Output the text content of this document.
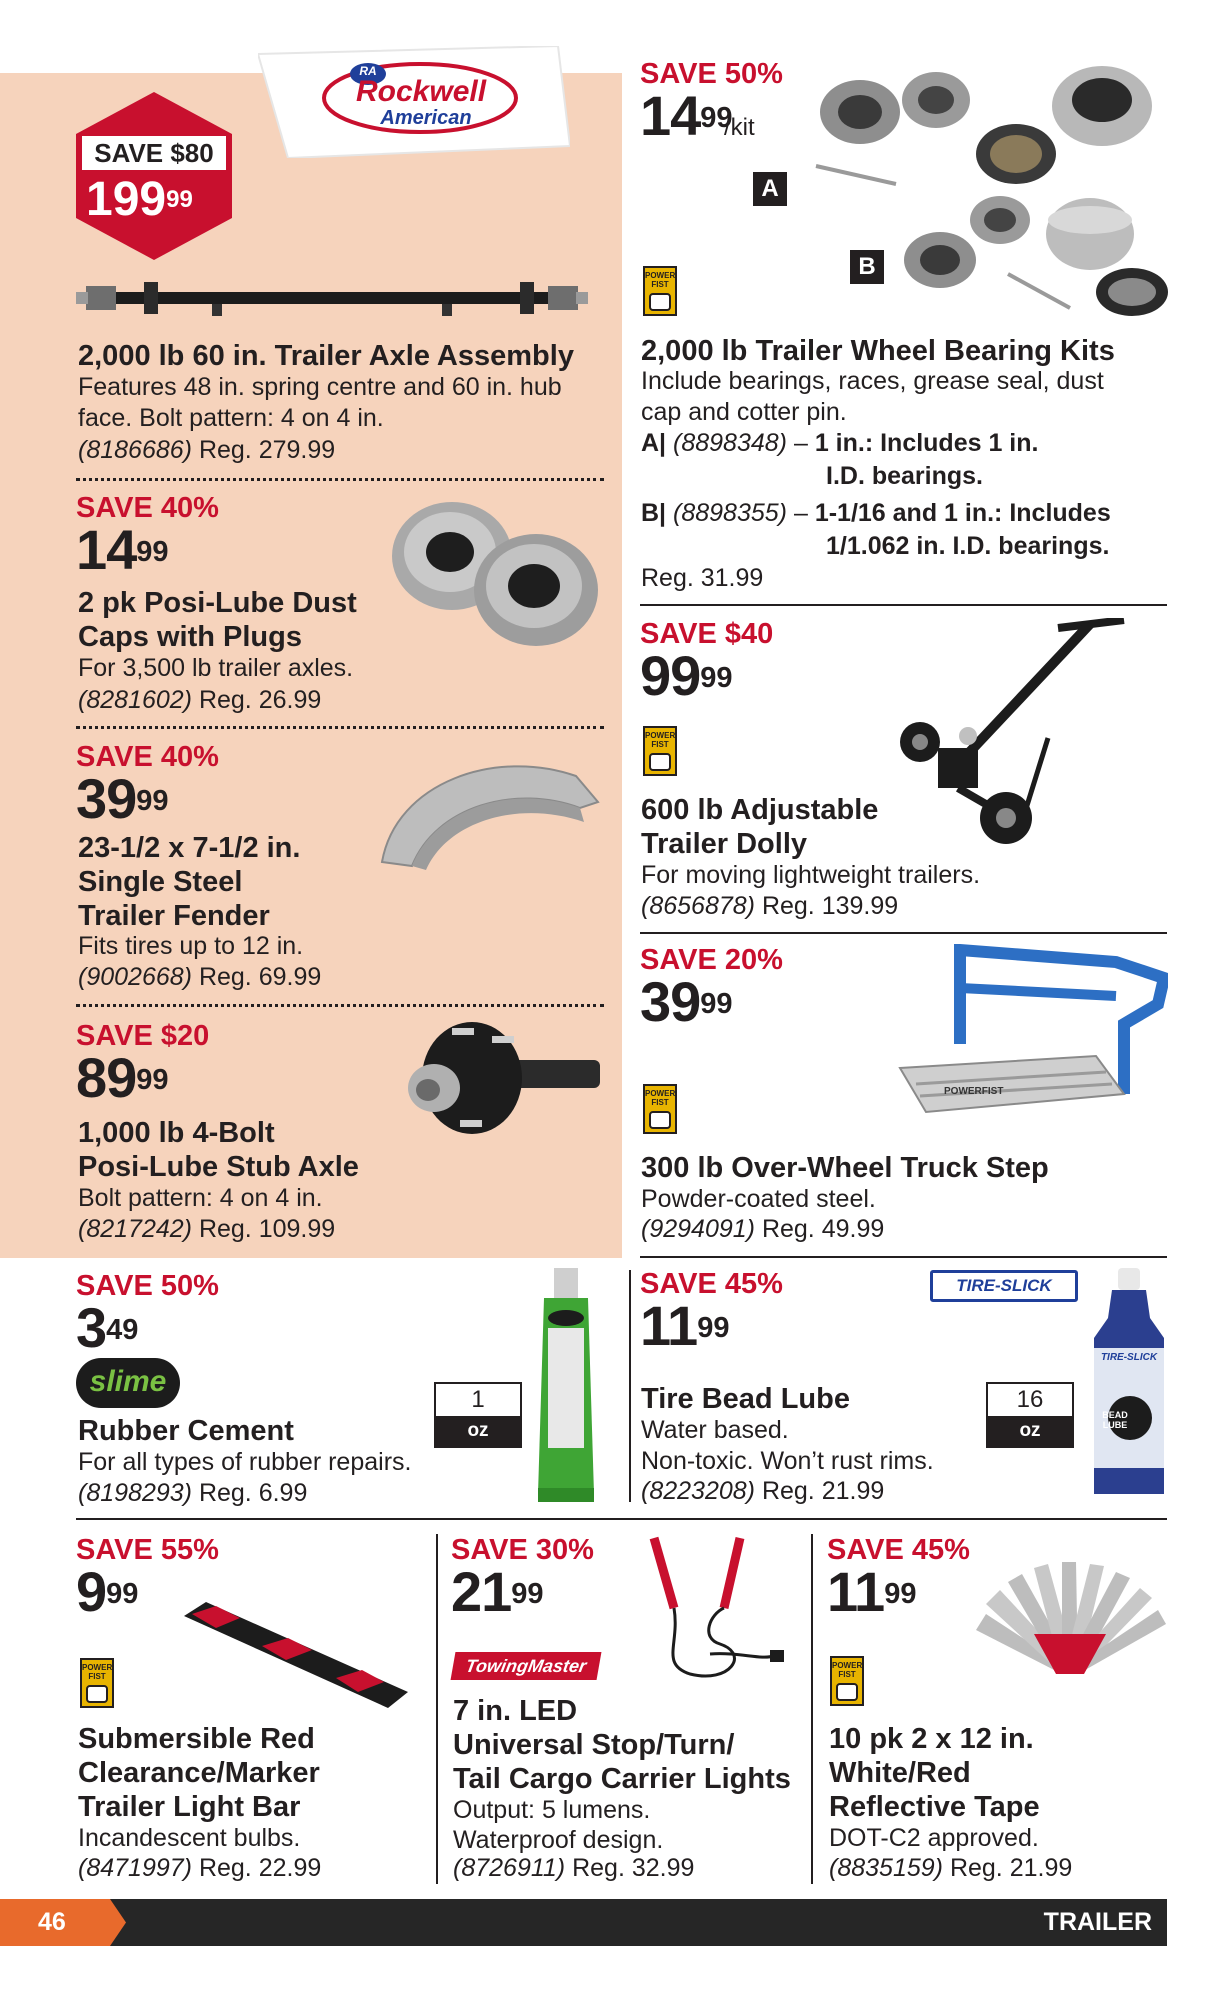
RA
Rockwell
American
SAVE $80
$199^{99}$
2,000 lb 60 in. Trailer Axle Assembly
Features 48 in. spring centre and 60 in. hub face. Bolt pattern: 4 on 4 in.
(8186686) Reg. 279.99
SAVE 40%
$14^{99}$
2 pk Posi-Lube Dust
Caps with Plugs
For 3,500 lb trailer axles.
(8281602) Reg. 26.99
SAVE 40%
$39^{99}$
23-1/2 x 7-1/2 in.
Single Steel
Trailer Fender
Fits tires up to 12 in.
(9002668) Reg. 69.99
SAVE $20
$89^{99}$
1,000 lb 4-Bolt
Posi-Lube Stub Axle
Bolt pattern: 4 on 4 in.
(8217242) Reg. 109.99
SAVE 50%
$14^{99}$
/kit
A
B
POWER FIST
2,000 lb Trailer Wheel Bearing Kits
Include bearings, races, grease seal, dust cap and cotter pin.
A| (8898348) – 1 in.: Includes 1 in.
I.D. bearings.
B| (8898355) – 1-1/16 and 1 in.: Includes
1/1.062 in. I.D. bearings.
Reg. 31.99
SAVE $40
$99^{99}$
POWER FIST
600 lb Adjustable
Trailer Dolly
For moving lightweight trailers.
(8656878) Reg. 139.99
SAVE 20%
$39^{99}$
POWER FIST
POWERFIST
300 lb Over-Wheel Truck Step
Powder-coated steel.
(9294091) Reg. 49.99
SAVE 50%
$3^{49}$
slime
1
oz
Rubber Cement
For all types of rubber repairs.
(8198293) Reg. 6.99
SAVE 45%
$11^{99}$
TIRE-SLICK
16
oz
TIRE-SLICK
BEAD LUBE
Tire Bead Lube
Water based.
Non-toxic. Won’t rust rims.
(8223208) Reg. 21.99
SAVE 55%
$9^{99}$
POWER FIST
Submersible Red
Clearance/Marker
Trailer Light Bar
Incandescent bulbs.
(8471997) Reg. 22.99
SAVE 30%
$21^{99}$
TowingMaster
7 in. LED
Universal Stop/Turn/
Tail Cargo Carrier Lights
Output: 5 lumens.
Waterproof design.
(8726911) Reg. 32.99
SAVE 45%
$11^{99}$
POWER FIST
10 pk 2 x 12 in.
White/Red
Reflective Tape
DOT-C2 approved.
(8835159) Reg. 21.99
46	TRAILER
